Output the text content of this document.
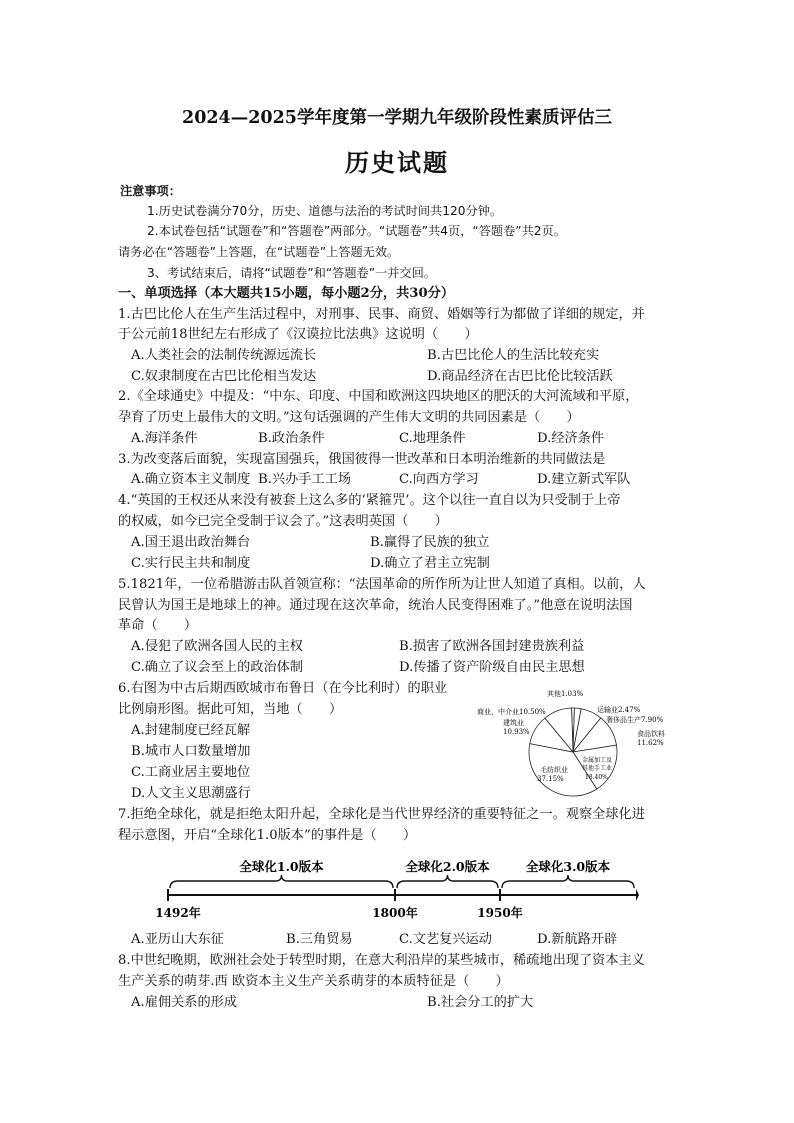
2024—2025学年度第一学期九年级阶段性素质评估三
历史试题
注意事项：
1.历史试卷满分70分，历史、道德与法治的考试时间共120分钟。
2.本试卷包括“试题卷”和“答题卷”两部分。“试题卷”共4页，“答题卷”共2页。
请务必在“答题卷”上答题，在“试题卷”上答题无效。
3、考试结束后，请将“试题卷”和“答题卷”一并交回。
一、单项选择（本大题共15小题，每小题2分，共30分）
1.古巴比伦人在生产生活过程中，对刑事、民事、商贸、婚姻等行为都做了详细的规定，并
于公元前18世纪左右形成了《汉谟拉比法典》这说明（　　）
A.人类社会的法制传统源远流长	B.古巴比伦人的生活比较充实
C.奴隶制度在古巴比伦相当发达	D.商品经济在古巴比伦比较活跃
2.《全球通史》中提及：“中东、印度、中国和欧洲这四块地区的肥沃的大河流域和平原，
孕育了历史上最伟大的文明。”这句话强调的产生伟大文明的共同因素是（　　）
A.海洋条件	B.政治条件	C.地理条件	D.经济条件
3.为改变落后面貌，实现富国强兵，俄国彼得一世改革和日本明治维新的共同做法是
A.确立资本主义制度 B.兴办手工工场	C.向西方学习	D.建立新式军队
4.“英国的王权还从来没有被套上这么多的‘紧箍咒’。这个以往一直自以为只受制于上帝
的权威，如今已完全受制于议会了。”这表明英国（　　）
A.国王退出政治舞台	B.赢得了民族的独立
C.实行民主共和制度	D.确立了君主立宪制
5.1821年，一位希腊游击队首领宣称：“法国革命的所作所为让世人知道了真相。以前，人
民曾认为国王是地球上的神。通过现在这次革命，统治人民变得困难了。”他意在说明法国
革命（　　）
A.侵犯了欧洲各国人民的主权	B.损害了欧洲各国封建贵族利益
C.确立了议会至上的政治体制	D.传播了资产阶级自由民主思想
6.右图为中古后期西欧城市布鲁日（在今比利时）的职业
比例扇形图。据此可知，当地（　　）
A.封建制度已经瓦解
B.城市人口数量增加
C.工商业居主要地位
D.人文主义思潮盛行
其他1.03%
运输业2.47%
奢侈品生产7.90%
食品饮料
11.62%
金属加工及
其他手工业
18.40%
毛纺织业
37.15%
建筑业
10.93%
商业、中介业10.50%
7.拒绝全球化，就是拒绝太阳升起，全球化是当代世界经济的重要特征之一。观察全球化进
程示意图，开启“全球化1.0版本”的事件是（　　）
全球化1.0版本	全球化2.0版本	全球化3.0版本
1492年	1800年	1950年
A.亚历山大东征	B.三角贸易	C.文艺复兴运动	D.新航路开辟
8.中世纪晚期，欧洲社会处于转型时期，在意大利沿岸的某些城市，稀疏地出现了资本主义
生产关系的萌芽.西 欧资本主义生产关系萌芽的本质特征是（　　）
A.雇佣关系的形成	B.社会分工的扩大
